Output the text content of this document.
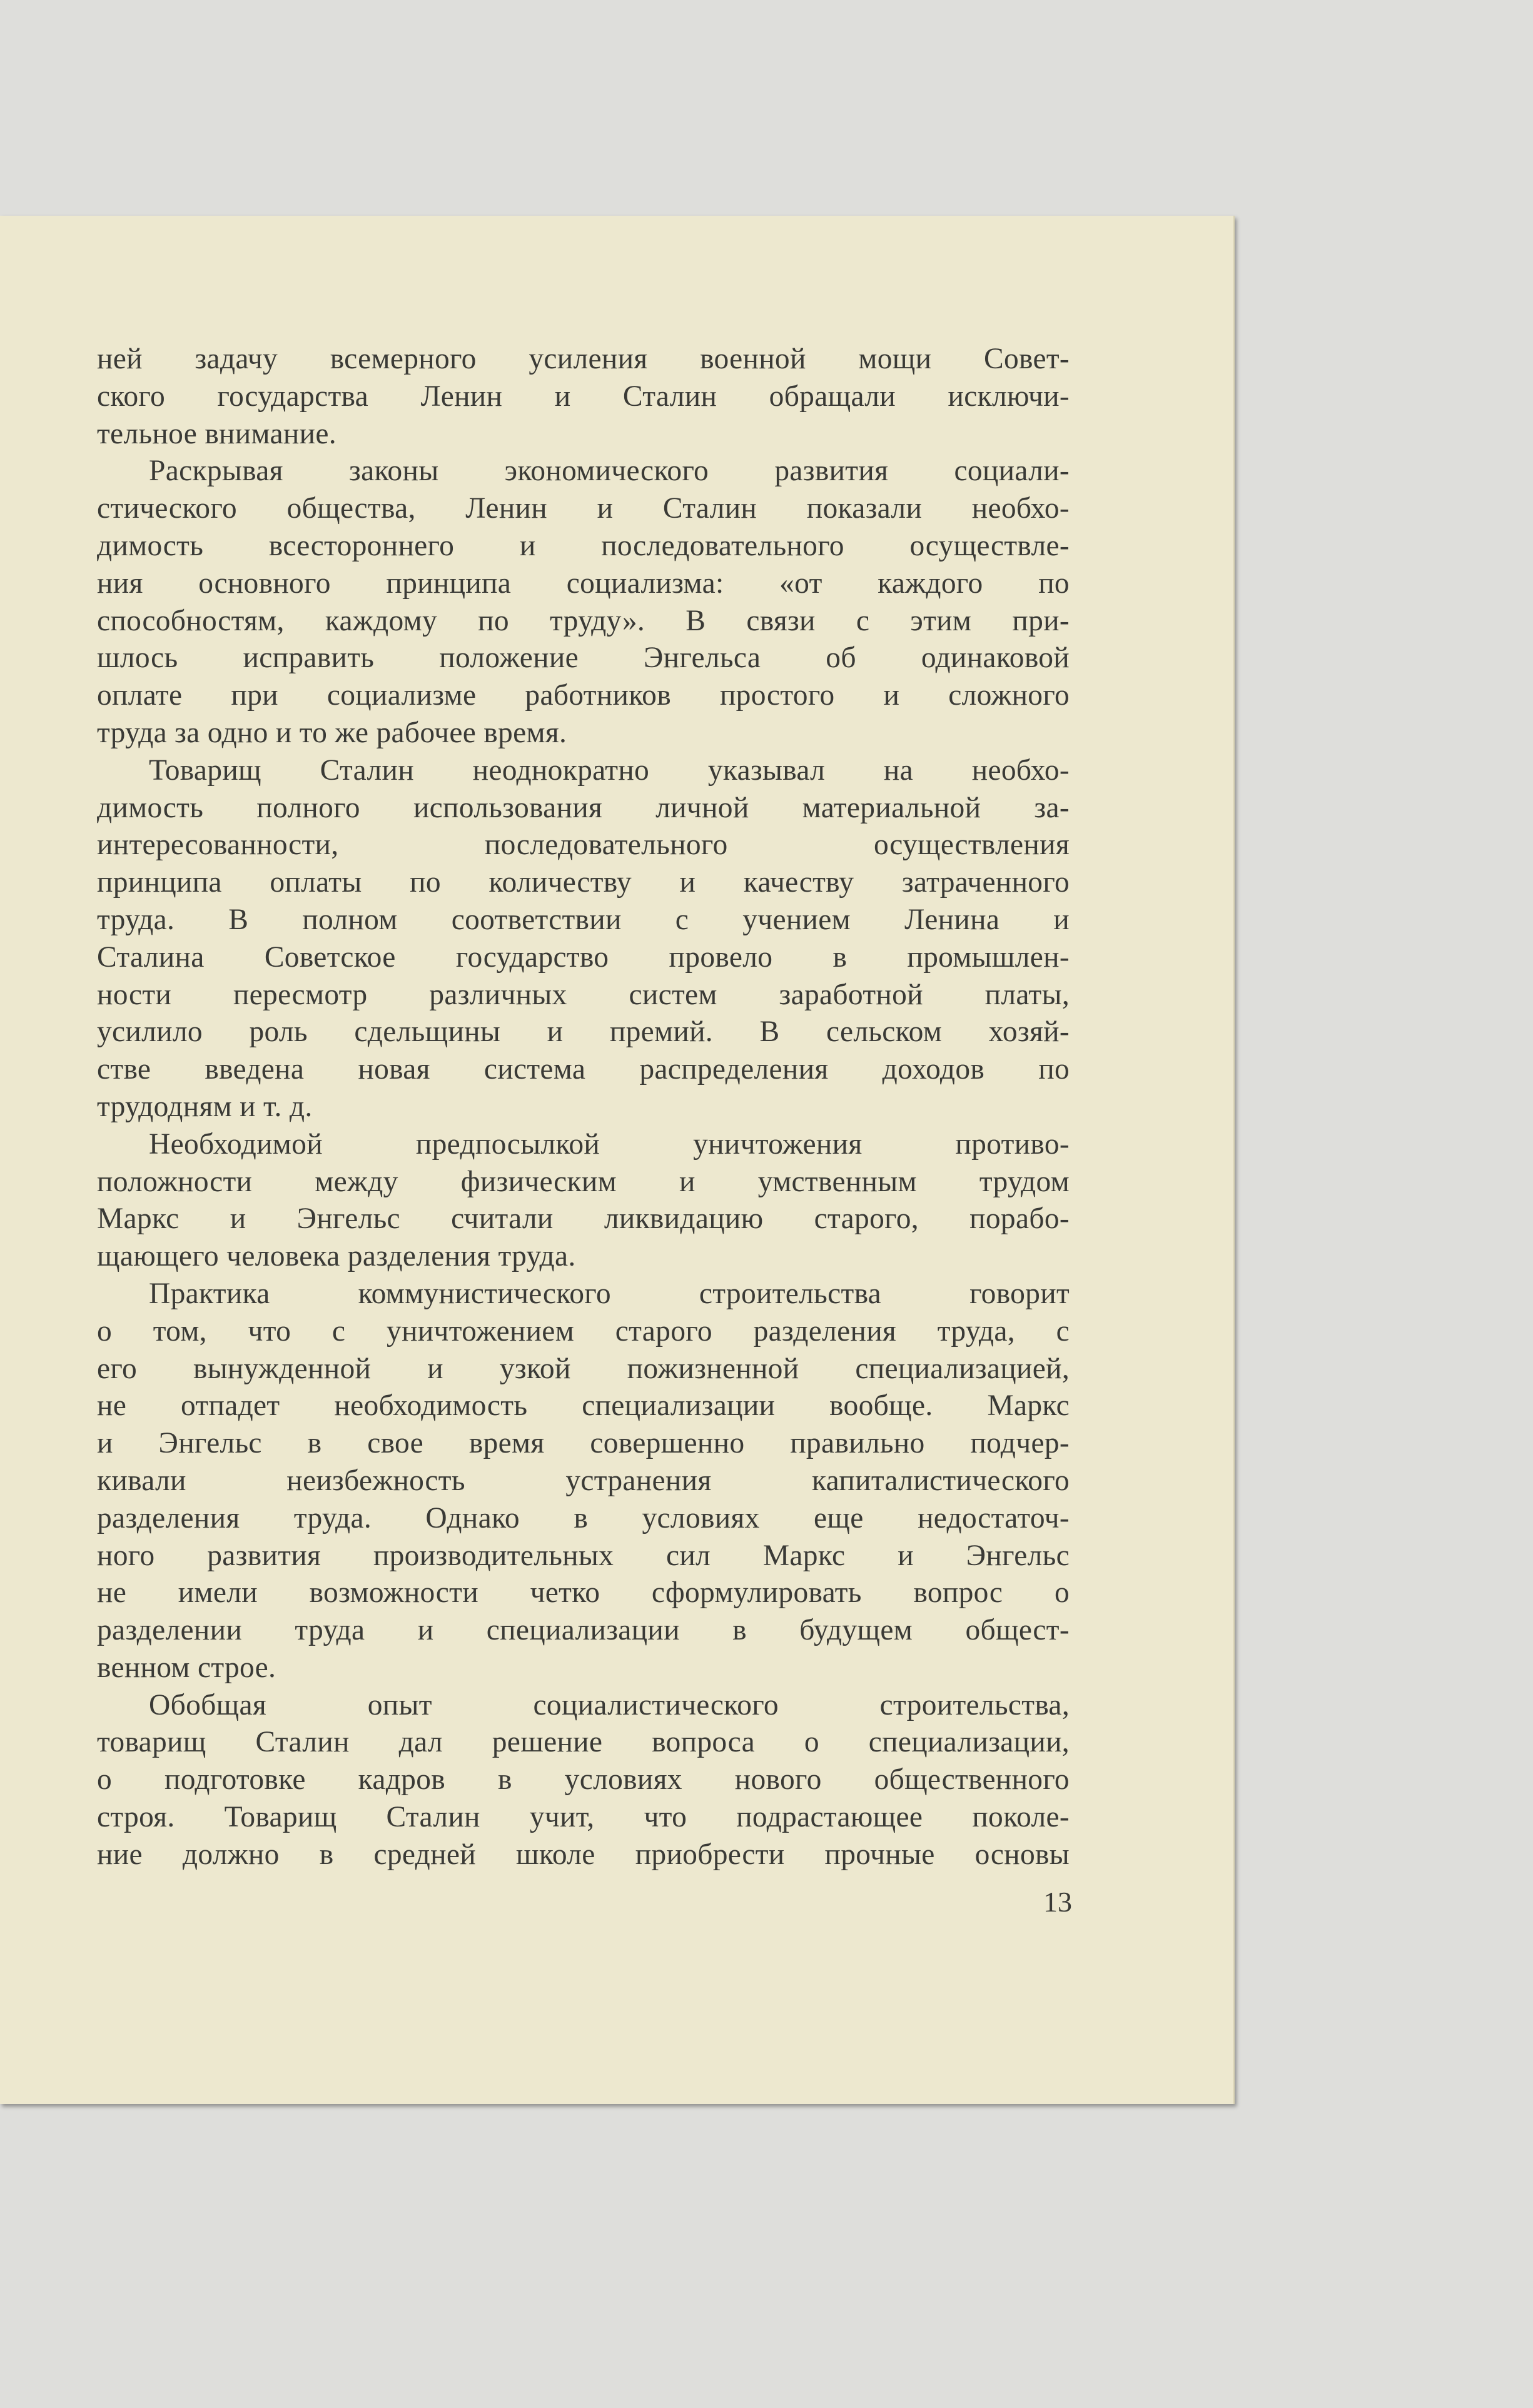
ней задачу всемерного усиления военной мощи Совет-
ского государства Ленин и Сталин обращали исключи-
тельное внимание.
Раскрывая законы экономического развития социали-
стического общества, Ленин и Сталин показали необхо-
димость всестороннего и последовательного осуществле-
ния основного принципа социализма: «от каждого по
способностям, каждому по труду». В связи с этим при-
шлось исправить положение Энгельса об одинаковой
оплате при социализме работников простого и сложного
труда за одно и то же рабочее время.
Товарищ Сталин неоднократно указывал на необхо-
димость полного использования личной материальной за-
интересованности, последовательного осуществления
принципа оплаты по количеству и качеству затраченного
труда. В полном соответствии с учением Ленина и
Сталина Советское государство провело в промышлен-
ности пересмотр различных систем заработной платы,
усилило роль сдельщины и премий. В сельском хозяй-
стве введена новая система распределения доходов по
трудодням и т. д.
Необходимой предпосылкой уничтожения противо-
положности между физическим и умственным трудом
Маркс и Энгельс считали ликвидацию старого, порабо-
щающего человека разделения труда.
Практика коммунистического строительства говорит
о том, что с уничтожением старого разделения труда, с
его вынужденной и узкой пожизненной специализацией,
не отпадет необходимость специализации вообще. Маркс
и Энгельс в свое время совершенно правильно подчер-
кивали неизбежность устранения капиталистического
разделения труда. Однако в условиях еще недостаточ-
ного развития производительных сил Маркс и Энгельс
не имели возможности четко сформулировать вопрос о
разделении труда и специализации в будущем общест-
венном строе.
Обобщая опыт социалистического строительства,
товарищ Сталин дал решение вопроса о специализации,
о подготовке кадров в условиях нового общественного
строя. Товарищ Сталин учит, что подрастающее поколе-
ние должно в средней школе приобрести прочные основы
13
